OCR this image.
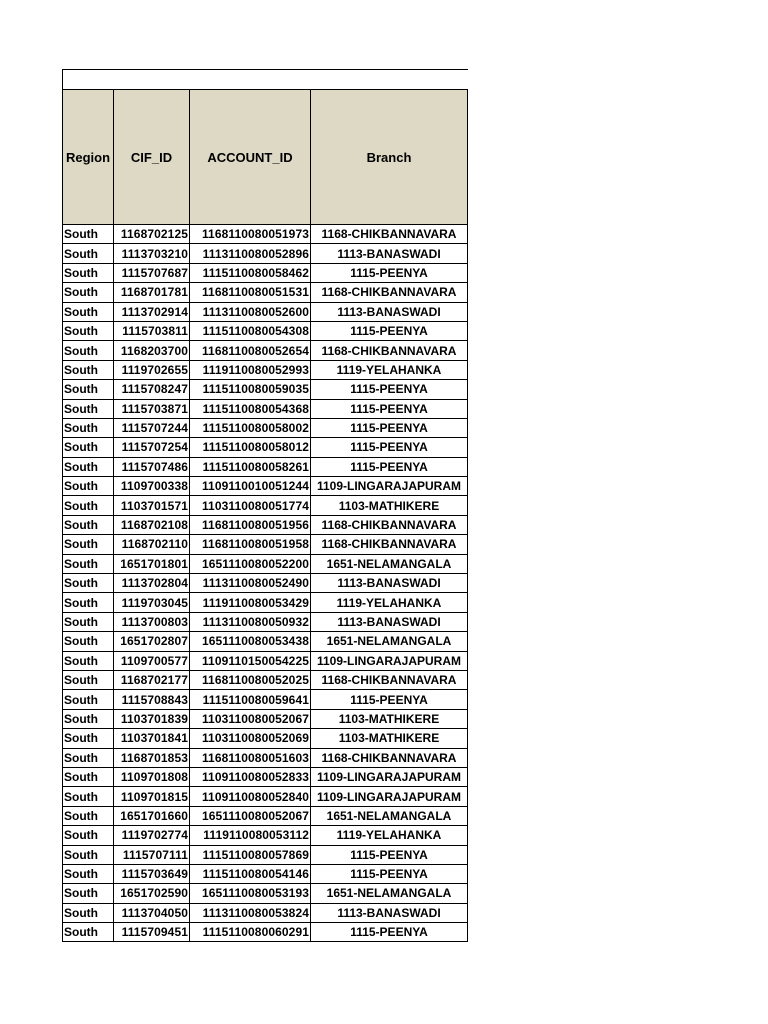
Region	CIF_ID	ACCOUNT_ID	Branch
South	1168702125	1168110080051973	1168-CHIKBANNAVARA
South	1113703210	1113110080052896	1113-BANASWADI
South	1115707687	1115110080058462	1115-PEENYA
South	1168701781	1168110080051531	1168-CHIKBANNAVARA
South	1113702914	1113110080052600	1113-BANASWADI
South	1115703811	1115110080054308	1115-PEENYA
South	1168203700	1168110080052654	1168-CHIKBANNAVARA
South	1119702655	1119110080052993	1119-YELAHANKA
South	1115708247	1115110080059035	1115-PEENYA
South	1115703871	1115110080054368	1115-PEENYA
South	1115707244	1115110080058002	1115-PEENYA
South	1115707254	1115110080058012	1115-PEENYA
South	1115707486	1115110080058261	1115-PEENYA
South	1109700338	1109110010051244	1109-LINGARAJAPURAM
South	1103701571	1103110080051774	1103-MATHIKERE
South	1168702108	1168110080051956	1168-CHIKBANNAVARA
South	1168702110	1168110080051958	1168-CHIKBANNAVARA
South	1651701801	1651110080052200	1651-NELAMANGALA
South	1113702804	1113110080052490	1113-BANASWADI
South	1119703045	1119110080053429	1119-YELAHANKA
South	1113700803	1113110080050932	1113-BANASWADI
South	1651702807	1651110080053438	1651-NELAMANGALA
South	1109700577	1109110150054225	1109-LINGARAJAPURAM
South	1168702177	1168110080052025	1168-CHIKBANNAVARA
South	1115708843	1115110080059641	1115-PEENYA
South	1103701839	1103110080052067	1103-MATHIKERE
South	1103701841	1103110080052069	1103-MATHIKERE
South	1168701853	1168110080051603	1168-CHIKBANNAVARA
South	1109701808	1109110080052833	1109-LINGARAJAPURAM
South	1109701815	1109110080052840	1109-LINGARAJAPURAM
South	1651701660	1651110080052067	1651-NELAMANGALA
South	1119702774	1119110080053112	1119-YELAHANKA
South	1115707111	1115110080057869	1115-PEENYA
South	1115703649	1115110080054146	1115-PEENYA
South	1651702590	1651110080053193	1651-NELAMANGALA
South	1113704050	1113110080053824	1113-BANASWADI
South	1115709451	1115110080060291	1115-PEENYA
